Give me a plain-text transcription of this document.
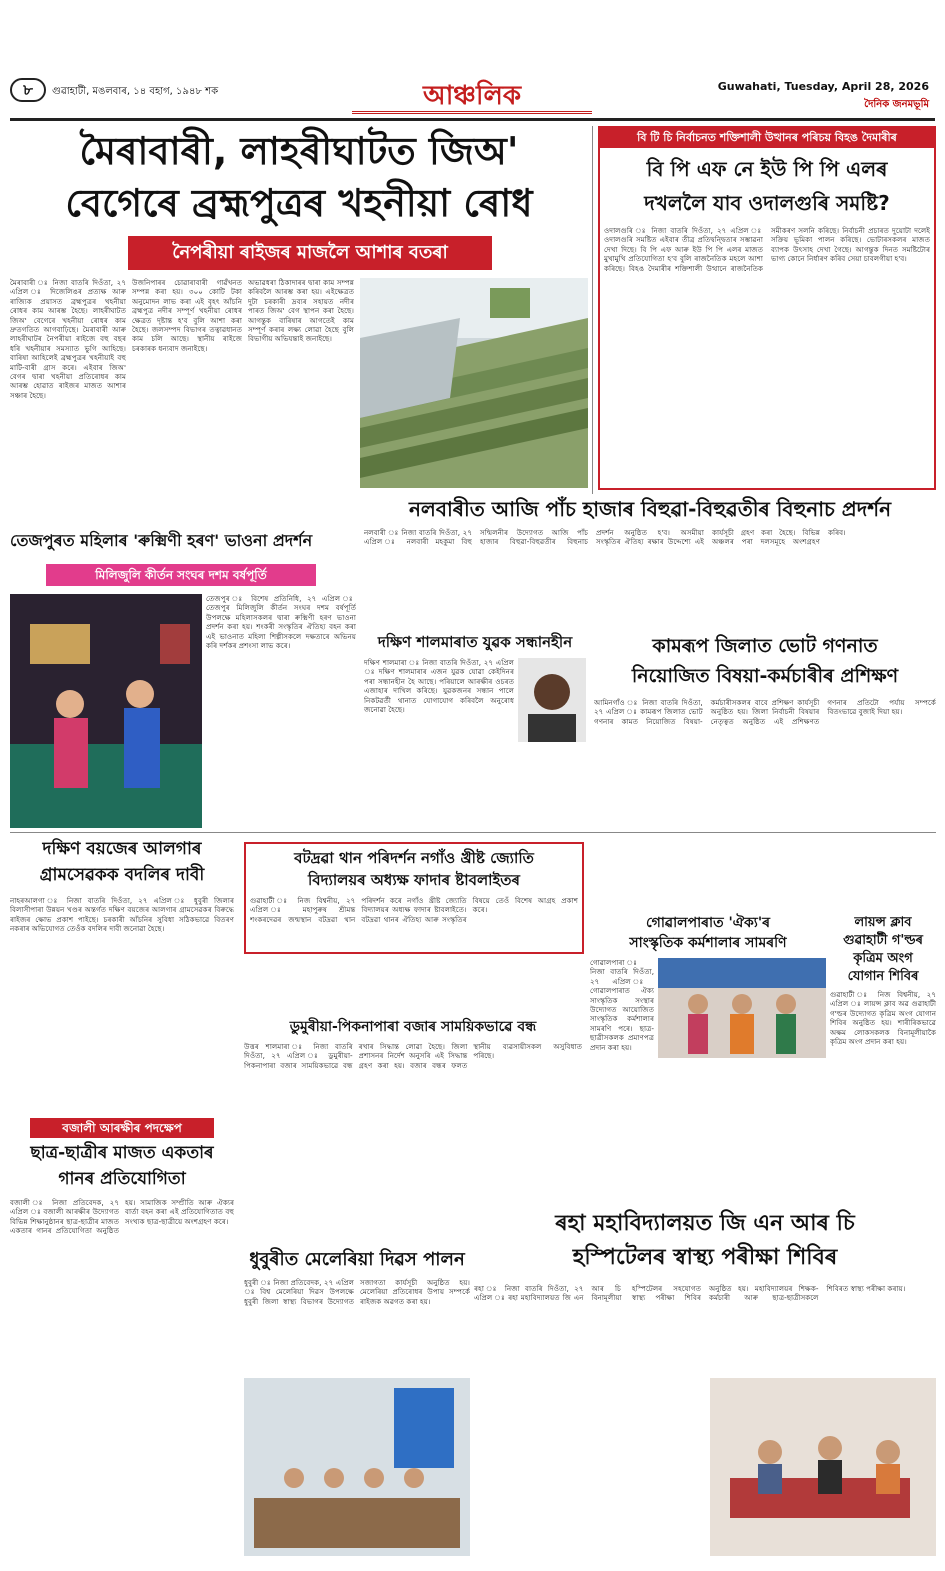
৮	গুৱাহাটী, মঙলবাৰ, ১৪ বহাগ, ১৯৪৮ শক	আঞ্চলিক	Guwahati, Tuesday, April 28, 2026
দৈনিক জনমভূমি
মৈৰাবাৰী, লাহৰীঘাটত জিঅ'
বেগেৰে ব্ৰহ্মপুত্ৰৰ খহনীয়া ৰোধ
নৈপৰীয়া ৰাইজৰ মাজলৈ আশাৰ বতৰা
মৈৰাবাৰী ঃ নিজা বাতৰি দিওঁতা, ২৭ এপ্ৰিল ঃ দিজেলিঙৰ প্ৰত্যক্ষ আৰু ৰাজ্যিক প্ৰয়াসত ব্ৰহ্মপুত্ৰৰ খহনীয়া ৰোধৰ কাম আৰম্ভ হৈছে। লাহৰীঘাটত জিঅ' বেগেৰে খহনীয়া ৰোধৰ কাম দ্ৰুতগতিত আগবাঢ়িছে। মৈৰাবাৰী আৰু লাহৰীঘাটৰ নৈপৰীয়া ৰাইজে বহু বছৰ ধৰি খহনীয়াৰ সমস্যাত ভুগি আহিছে। বাৰিষা আহিলেই ব্ৰহ্মপুত্ৰৰ খহনীয়াই বহু মাটি-বাৰী গ্ৰাস কৰে। এইবাৰ জিঅ' বেগৰ দ্বাৰা খহনীয়া প্ৰতিৰোধৰ কাম আৰম্ভ হোৱাত ৰাইজৰ মাজত আশাৰ সঞ্চাৰ হৈছে।
উজনিপাৰৰ চোৱাৰাবাৰী গাৱঁখনত সম্পন্ন কৰা হয়। ৩০০ কোটি টকা অনুমোদন লাভ কৰা এই বৃহৎ আঁচনি ব্ৰহ্মপুত্ৰ নদীৰ সম্পূৰ্ণ খহনীয়া ৰোধৰ ক্ষেত্ৰত দৃষ্টান্ত হ'ব বুলি আশা কৰা হৈছে। জলসম্পদ বিভাগৰ তত্বাৱধানত কাম চলি আছে। স্থানীয় ৰাইজে চৰকাৰক ধন্যবাদ জনাইছে।
অভাৱধৰা ঠিকাদাৰৰ দ্বাৰা কাম সম্পন্ন কৰিবলৈ আৰম্ভ কৰা হয়। এইক্ষেত্ৰত দুটা চৰকাৰী দ্ৰব্যৰ সহায়ত নদীৰ পাৰত জিঅ' বেগ স্থাপন কৰা হৈছে। আগন্তুক বাৰিষাৰ আগতেই কাম সম্পূৰ্ণ কৰাৰ লক্ষ্য লোৱা হৈছে বুলি বিভাগীয় অভিযন্তাই জনাইছে।
বি টি চি নিৰ্বাচনত শক্তিশালী উত্থানৰ পৰিচয় বিহঙ দৈমাৰীৰ
বি পি এফ নে ইউ পি পি এলৰ
দখললৈ যাব ওদালগুৰি সমষ্টি?
ওদালগুৰি ঃ নিজা বাতৰি দিওঁতা, ২৭ এপ্ৰিল ঃ ওদালগুৰি সমষ্টিত এইবাৰ তীব্ৰ প্ৰতিদ্বন্দ্বিতাৰ সম্ভাৱনা দেখা দিছে। বি পি এফ আৰু ইউ পি পি এলৰ মাজত মুখামুখি প্ৰতিযোগিতা হ'ব বুলি ৰাজনৈতিক মহলে আশা কৰিছে। বিহঙ দৈমাৰীৰ শক্তিশালী উত্থানে ৰাজনৈতিক সমীকৰণ সলনি কৰিছে। নিৰ্বাচনী প্ৰচাৰত দুয়োটা দলেই সক্ৰিয় ভূমিকা পালন কৰিছে। ভোটাৰসকলৰ মাজত ব্যাপক উৎসাহ দেখা গৈছে। আগন্তুক দিনত সমষ্টিটোৰ ভাগ্য কোনে নিৰ্ধাৰণ কৰিব সেয়া চাবলগীয়া হ'ব।
নলবাৰীত আজি পাঁচ হাজাৰ বিহুৱা-বিহুৱতীৰ বিহুনাচ প্ৰদৰ্শন
নলবাৰী ঃ নিজা বাতৰি দিওঁতা, ২৭ এপ্ৰিল ঃ নলবাৰী মহকুমা বিহু সন্মিলনীৰ উদ্যোগত আজি পাঁচ হাজাৰ বিহুৱা-বিহুৱতীৰ বিহুনাচ প্ৰদৰ্শন অনুষ্ঠিত হ'ব। অসমীয়া সংস্কৃতিৰ ঐতিহ্য ৰক্ষাৰ উদ্দেশ্যে এই কাৰ্যসূচী গ্ৰহণ কৰা হৈছে। বিভিন্ন অঞ্চলৰ পৰা দলসমূহে অংশগ্ৰহণ কৰিব।
তেজপুৰত মহিলাৰ 'ৰুক্মিণী হৰণ' ভাওনা প্ৰদৰ্শন
মিলিজুলি কীৰ্তন সংঘৰ দশম বৰ্ষপূৰ্তি
তেজপুৰ ঃ বিশেষ প্ৰতিনিধি, ২৭ এপ্ৰিল ঃ তেজপুৰ মিলিজুলি কীৰ্তন সংঘৰ দশম বৰ্ষপূৰ্তি উপলক্ষে মহিলাসকলৰ দ্বাৰা ৰুক্মিণী হৰণ ভাওনা প্ৰদৰ্শন কৰা হয়। শংকৰী সংস্কৃতিৰ ঐতিহ্য বহন কৰা এই ভাওনাত মহিলা শিল্পীসকলে দক্ষতাৰে অভিনয় কৰি দৰ্শকৰ প্ৰশংসা লাভ কৰে।	দক্ষিণ শালমাৰাত যুৱক সন্ধানহীন
দক্ষিণ শালমাৰা ঃ নিজা বাতৰি দিওঁতা, ২৭ এপ্ৰিল ঃ দক্ষিণ শালমাৰাৰ এজন যুৱক যোৱা কেইদিনৰ পৰা সন্ধানহীন হৈ আছে। পৰিয়ালে আৰক্ষীৰ ওচৰত এজাহাৰ দাখিল কৰিছে। যুৱকজনৰ সন্ধান পালে নিকটৱৰ্তী থানাত যোগাযোগ কৰিবলৈ অনুৰোধ জনোৱা হৈছে।
কামৰূপ জিলাত ভোট গণনাত
নিয়োজিত বিষয়া-কৰ্মচাৰীৰ প্ৰশিক্ষণ
আমিনগাঁও ঃ নিজা বাতৰি দিওঁতা, ২৭ এপ্ৰিল ঃ কামৰূপ জিলাত ভোট গণনাৰ কামত নিয়োজিত বিষয়া-কৰ্মচাৰীসকলৰ বাবে প্ৰশিক্ষণ কাৰ্যসূচী অনুষ্ঠিত হয়। জিলা নিৰ্বাচনী বিষয়াৰ নেতৃত্বত অনুষ্ঠিত এই প্ৰশিক্ষণত গণনাৰ প্ৰতিটো পৰ্যায় সম্পৰ্কে বিতংভাৱে বুজাই দিয়া হয়।
দক্ষিণ বয়জেৰ আলগাৰ
গ্ৰামসেৱকক বদলিৰ দাবী
নাহৰআলগা ঃ নিজা বাতৰি দিওঁতা, ২৭ এপ্ৰিল ঃ ধুবুৰী জিলাৰ বিলাসীপাৰা উন্নয়ন খণ্ডৰ অন্তৰ্গত দক্ষিণ বয়জেৰ আলগাৰ গ্ৰামসেৱকৰ বিৰুদ্ধে ৰাইজৰ ক্ষোভ প্ৰকাশ পাইছে। চৰকাৰী আঁচনিৰ সুবিধা সঠিকভাৱে বিতৰণ নকৰাৰ অভিযোগত তেওঁক বদলিৰ দাবী জনোৱা হৈছে।
বটদ্ৰৱা থান পৰিদৰ্শন নগাঁও খ্ৰীষ্ট জ্যোতি
বিদ্যালয়ৰ অধ্যক্ষ ফাদাৰ ষ্টাবলাইতৰ
গুৱাহাটী ঃ নিজ বিশ্বনীয়, ২৭ এপ্ৰিল ঃ মহাপুৰুষ শ্ৰীমন্ত শংকৰদেৱৰ জন্মস্থান বটদ্ৰৱা থান পৰিদৰ্শন কৰে নগাঁও খ্ৰীষ্ট জ্যোতি বিদ্যালয়ৰ অধ্যক্ষ ফাদাৰ ষ্টাবলাইতে। বটদ্ৰৱা থানৰ ঐতিহ্য আৰু সংস্কৃতিৰ বিষয়ে তেওঁ বিশেষ আগ্ৰহ প্ৰকাশ কৰে।
গোৱালপাৰাত 'ঐক্য'ৰ
সাংস্কৃতিক কৰ্মশালাৰ সামৰণি
গোৱালপাৰা ঃ নিজা বাতৰি দিওঁতা, ২৭ এপ্ৰিল ঃ গোৱালপাৰাত ঐক্য সাংস্কৃতিক সংস্থাৰ উদ্যোগত আয়োজিত সাংস্কৃতিক কৰ্মশালাৰ সামৰণি পৰে। ছাত্ৰ-ছাত্ৰীসকলক প্ৰমাণপত্ৰ প্ৰদান কৰা হয়।
লায়ন্স ক্লাব
গুৱাহাটী গ'ল্ডৰ
কৃত্ৰিম অংগ
যোগান শিবিৰ
গুৱাহাটী ঃ নিজ বিশ্বনীয়, ২৭ এপ্ৰিল ঃ লায়ন্স ক্লাব অৱ গুৱাহাটী গ'ল্ডৰ উদ্যোগত কৃত্ৰিম অংগ যোগান শিবিৰ অনুষ্ঠিত হয়। শাৰীৰিকভাৱে অক্ষম লোকসকলক বিনামূলীয়াকৈ কৃত্ৰিম অংগ প্ৰদান কৰা হয়।
বজালী আৰক্ষীৰ পদক্ষেপ
ছাত্ৰ-ছাত্ৰীৰ মাজত একতাৰ
গানৰ প্ৰতিযোগিতা
বজালী ঃ নিজা প্ৰতিবেদক, ২৭ এপ্ৰিল ঃ বজালী আৰক্ষীৰ উদ্যোগত বিভিন্ন শিক্ষানুষ্ঠানৰ ছাত্ৰ-ছাত্ৰীৰ মাজত একতাৰ গানৰ প্ৰতিযোগিতা অনুষ্ঠিত হয়। সামাজিক সম্প্ৰীতি আৰু ঐক্যৰ বাৰ্তা বহন কৰা এই প্ৰতিযোগিতাত বহু সংখ্যক ছাত্ৰ-ছাত্ৰীয়ে অংশগ্ৰহণ কৰে।
ডুমুৰীয়া-পিকনাপাৰা বজাৰ সাময়িকভাৱে বন্ধ
উত্তৰ শালমাৰা ঃ নিজা বাতৰি দিওঁতা, ২৭ এপ্ৰিল ঃ ডুমুৰীয়া-পিকনাপাৰা বজাৰ সাময়িকভাৱে বন্ধ ৰখাৰ সিদ্ধান্ত লোৱা হৈছে। জিলা প্ৰশাসনৰ নিৰ্দেশ অনুসৰি এই সিদ্ধান্ত গ্ৰহণ কৰা হয়। বজাৰ বন্ধৰ ফলত স্থানীয় ব্যৱসায়ীসকল অসুবিধাত পৰিছে।
ৰহা মহাবিদ্যালয়ত জি এন আৰ চি
হস্পিটেলৰ স্বাস্থ্য পৰীক্ষা শিবিৰ
ৰহা ঃ নিজা বাতৰি দিওঁতা, ২৭ এপ্ৰিল ঃ ৰহা মহাবিদ্যালয়ত জি এন আৰ চি হস্পিটেলৰ সহযোগত বিনামূলীয়া স্বাস্থ্য পৰীক্ষা শিবিৰ অনুষ্ঠিত হয়। মহাবিদ্যালয়ৰ শিক্ষক-কৰ্মচাৰী আৰু ছাত্ৰ-ছাত্ৰীসকলে শিবিৰত স্বাস্থ্য পৰীক্ষা কৰায়।
ধুবুৰীত মেলেৰিয়া দিৱস পালন
ধুবুৰী ঃ নিজা প্ৰতিবেদক, ২৭ এপ্ৰিল ঃ বিশ্ব মেলেৰিয়া দিৱস উপলক্ষে ধুবুৰী জিলা স্বাস্থ্য বিভাগৰ উদ্যোগত সজাগতা কাৰ্যসূচী অনুষ্ঠিত হয়। মেলেৰিয়া প্ৰতিৰোধৰ উপায় সম্পৰ্কে ৰাইজক অৱগত কৰা হয়।
